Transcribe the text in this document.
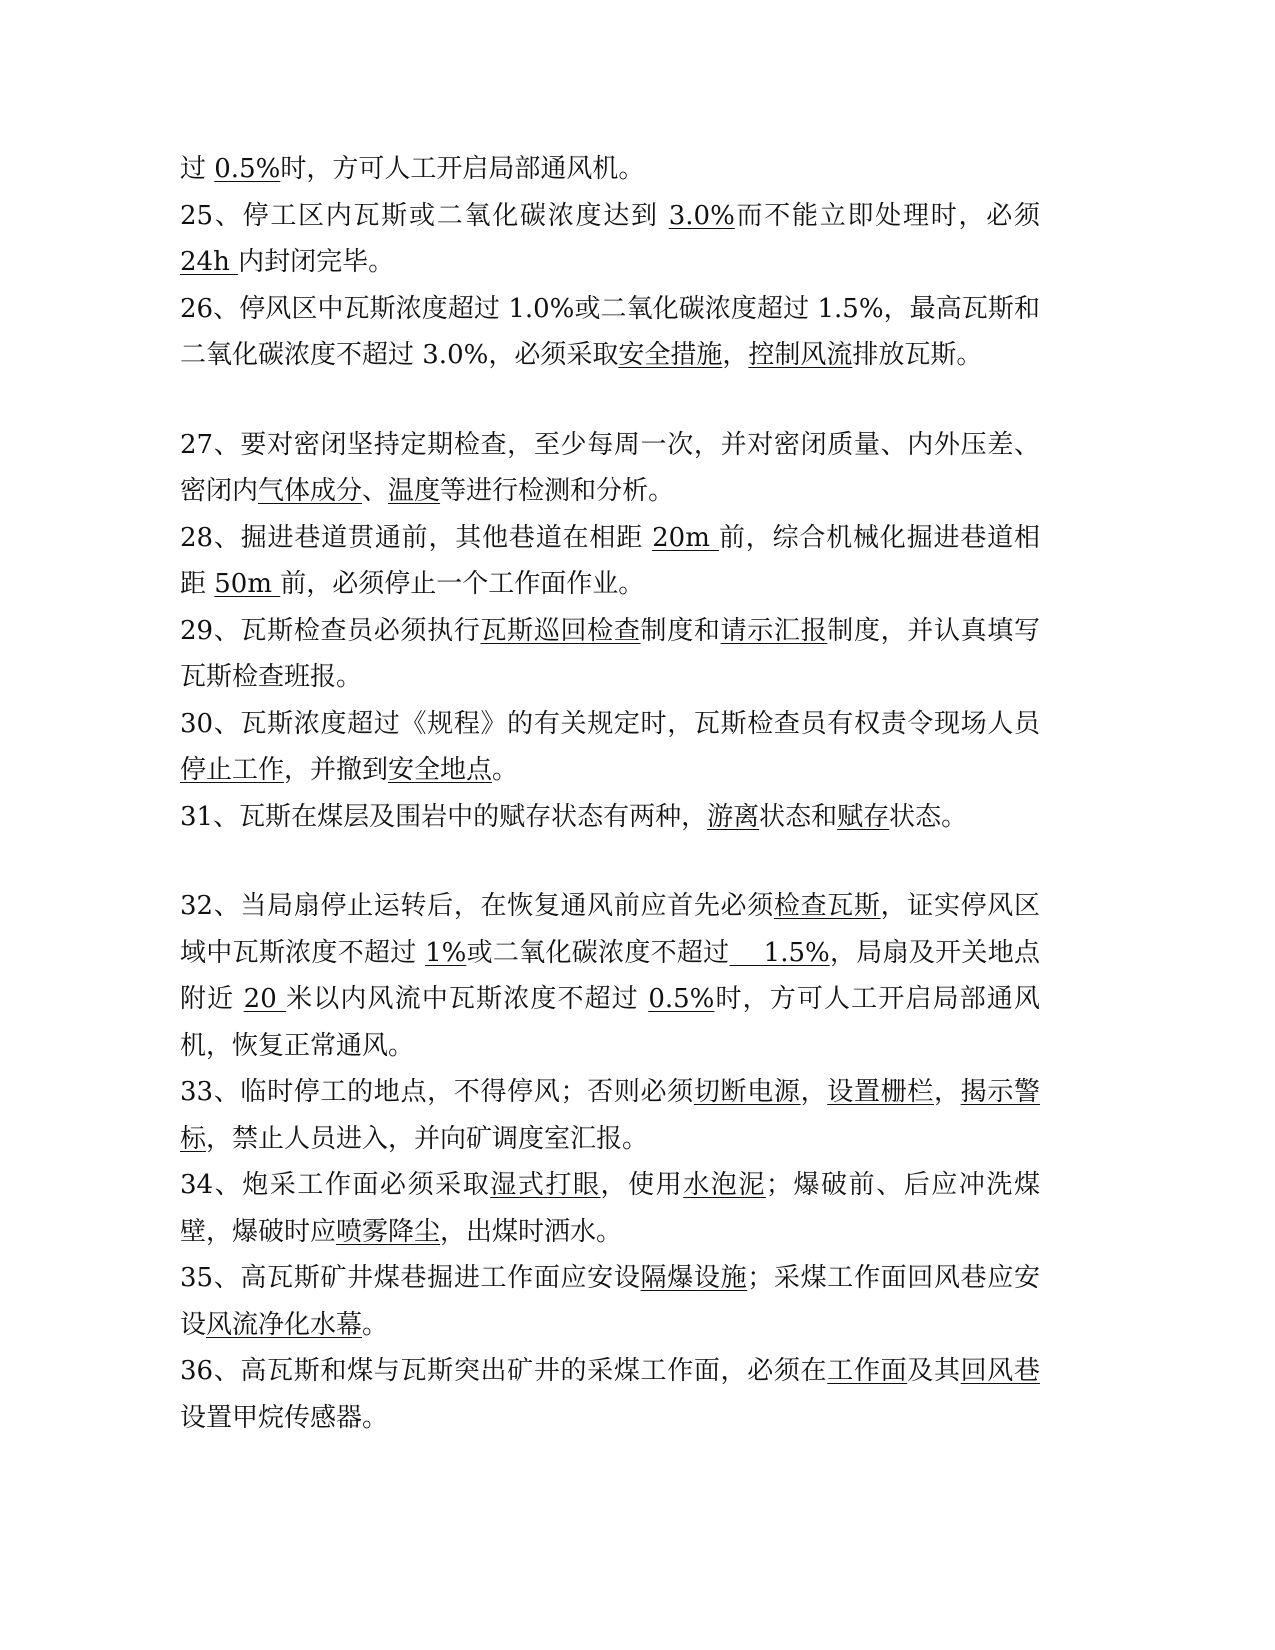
过 0.5%时，方可人工开启局部通风机。

25、停工区内瓦斯或二氧化碳浓度达到 3.0%而不能立即处理时，必须 24h 内封闭完毕。

26、停风区中瓦斯浓度超过 1.0%或二氧化碳浓度超过 1.5%，最高瓦斯和二氧化碳浓度不超过 3.0%，必须采取安全措施，控制风流排放瓦斯。

27、要对密闭坚持定期检查，至少每周一次，并对密闭质量、内外压差、密闭内气体成分、温度等进行检测和分析。

28、掘进巷道贯通前，其他巷道在相距 20m 前，综合机械化掘进巷道相距 50m 前，必须停止一个工作面作业。

29、瓦斯检查员必须执行瓦斯巡回检查制度和请示汇报制度，并认真填写瓦斯检查班报。

30、瓦斯浓度超过《规程》的有关规定时，瓦斯检查员有权责令现场人员停止工作，并撤到安全地点。

31、瓦斯在煤层及围岩中的赋存状态有两种，游离状态和赋存状态。

32、当局扇停止运转后，在恢复通风前应首先必须检查瓦斯，证实停风区域中瓦斯浓度不超过 1%或二氧化碳浓度不超过    1.5%，局扇及开关地点附近 20 米以内风流中瓦斯浓度不超过 0.5%时，方可人工开启局部通风机，恢复正常通风。

33、临时停工的地点，不得停风；否则必须切断电源，设置栅栏，揭示警标，禁止人员进入，并向矿调度室汇报。

34、炮采工作面必须采取湿式打眼，使用水泡泥；爆破前、后应冲洗煤壁，爆破时应喷雾降尘，出煤时洒水。

35、高瓦斯矿井煤巷掘进工作面应安设隔爆设施；采煤工作面回风巷应安设风流净化水幕。

36、高瓦斯和煤与瓦斯突出矿井的采煤工作面，必须在工作面及其回风巷设置甲烷传感器。
